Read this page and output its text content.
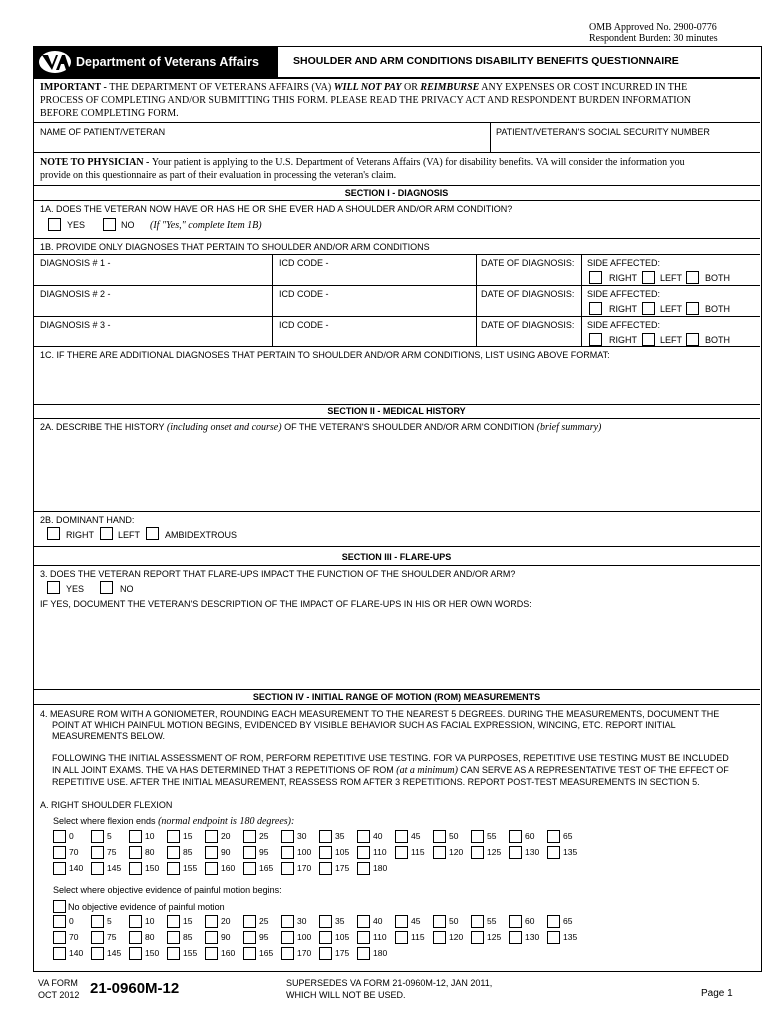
OMB Approved No. 2900-0776
Respondent Burden: 30 minutes
Department of Veterans Affairs	SHOULDER AND ARM CONDITIONS DISABILITY BENEFITS QUESTIONNAIRE
IMPORTANT - THE DEPARTMENT OF VETERANS AFFAIRS (VA) WILL NOT PAY OR REIMBURSE ANY EXPENSES OR COST INCURRED IN THE
PROCESS OF COMPLETING AND/OR SUBMITTING THIS FORM. PLEASE READ THE PRIVACY ACT AND RESPONDENT BURDEN INFORMATION
BEFORE COMPLETING FORM.
NAME OF PATIENT/VETERAN	PATIENT/VETERAN'S SOCIAL SECURITY NUMBER
NOTE TO PHYSICIAN - Your patient is applying to the U.S. Department of Veterans Affairs (VA) for disability benefits. VA will consider the information you
provide on this questionnaire as part of their evaluation in processing the veteran's claim.
SECTION I - DIAGNOSIS
1A. DOES THE VETERAN NOW HAVE OR HAS HE OR SHE EVER HAD A SHOULDER AND/OR ARM CONDITION?
YES	NO (If "Yes," complete Item 1B)
1B. PROVIDE ONLY DIAGNOSES THAT PERTAIN TO SHOULDER AND/OR ARM CONDITIONS
DIAGNOSIS # 1 -	ICD CODE -	DATE OF DIAGNOSIS: SIDE AFFECTED:
RIGHT	LEFT	BOTH
DIAGNOSIS # 2 -	ICD CODE -	DATE OF DIAGNOSIS: SIDE AFFECTED:
RIGHT	LEFT	BOTH
DIAGNOSIS # 3 -	ICD CODE -	DATE OF DIAGNOSIS: SIDE AFFECTED:
RIGHT	LEFT	BOTH
1C. IF THERE ARE ADDITIONAL DIAGNOSES THAT PERTAIN TO SHOULDER AND/OR ARM CONDITIONS, LIST USING ABOVE FORMAT:
SECTION II - MEDICAL HISTORY
2A. DESCRIBE THE HISTORY (including onset and course) OF THE VETERAN'S SHOULDER AND/OR ARM CONDITION (brief summary)
2B. DOMINANT HAND:
RIGHT	LEFT	AMBIDEXTROUS
SECTION III - FLARE-UPS
3. DOES THE VETERAN REPORT THAT FLARE-UPS IMPACT THE FUNCTION OF THE SHOULDER AND/OR ARM?
YES	NO
IF YES, DOCUMENT THE VETERAN'S DESCRIPTION OF THE IMPACT OF FLARE-UPS IN HIS OR HER OWN WORDS:
SECTION IV - INITIAL RANGE OF MOTION (ROM) MEASUREMENTS
4. MEASURE ROM WITH A GONIOMETER, ROUNDING EACH MEASUREMENT TO THE NEAREST 5 DEGREES. DURING THE MEASUREMENTS, DOCUMENT THE
POINT AT WHICH PAINFUL MOTION BEGINS, EVIDENCED BY VISIBLE BEHAVIOR SUCH AS FACIAL EXPRESSION, WINCING, ETC. REPORT INITIAL
MEASUREMENTS BELOW.
FOLLOWING THE INITIAL ASSESSMENT OF ROM, PERFORM REPETITIVE USE TESTING. FOR VA PURPOSES, REPETITIVE USE TESTING MUST BE INCLUDED
IN ALL JOINT EXAMS. THE VA HAS DETERMINED THAT 3 REPETITIONS OF ROM (at a minimum) CAN SERVE AS A REPRESENTATIVE TEST OF THE EFFECT OF
REPETITIVE USE. AFTER THE INITIAL MEASUREMENT, REASSESS ROM AFTER 3 REPETITIONS. REPORT POST-TEST MEASUREMENTS IN SECTION 5.
A. RIGHT SHOULDER FLEXION
Select where flexion ends (normal endpoint is 180 degrees):
0	5	10	15	20	25	30	35	40	45	50	55	60	65
70	75	80	85	90	95	100	105	110	115	120	125	130	135
140	145	150	155	160	165	170	175	180
Select where objective evidence of painful motion begins:
No objective evidence of painful motion
0	5	10	15	20	25	30	35	40	45	50	55	60	65
70	75	80	85	90	95	100	105	110	115	120	125	130	135
140	145	150	155	160	165	170	175	180
VA FORM
OCT 2012 21-0960M-12	SUPERSEDES VA FORM 21-0960M-12, JAN 2011,
WHICH WILL NOT BE USED.	Page 1
